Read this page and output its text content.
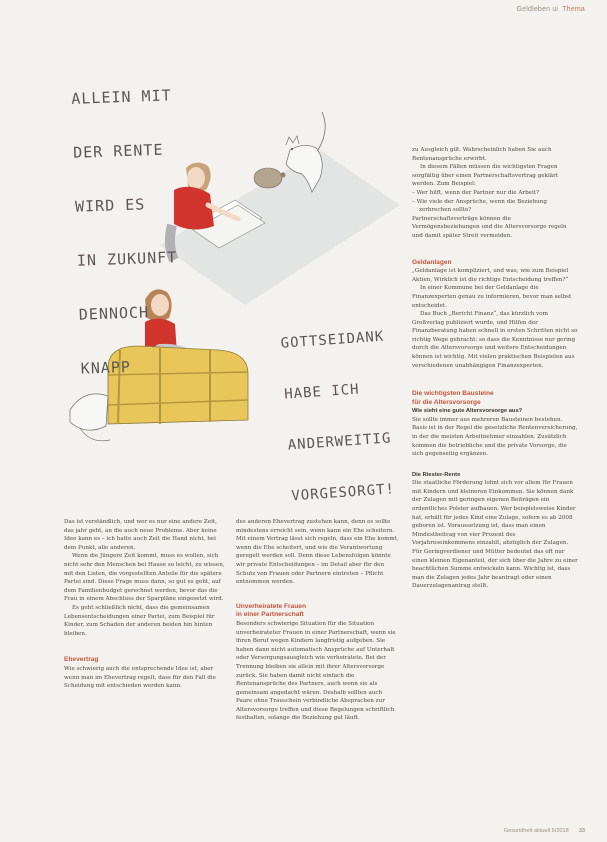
Geldleben ui Thema

ALLEIN MIT

DER RENTE

WIRD ES

IN ZUKUNFT

DENNOCH

KNAPP

GOTTSEIDANK

HABE ICH

ANDERWEITIG

VORGESORGT!

zu Ausgleich gilt. Wahrscheinlich haben Sie auch Rentenansprüche erwirbt.

In diesem Fällen müssen die wichtigsten Fragen sorgfältig über einen Partnerschaftsvertrag geklärt werden. Zum Beispiel:

– Wer hilft, wenn der Partner nur die Arbeit?
– Wie viele der Ansprüche, wenn die Beziehung zerbrechen sollte?

Partnerschaftsverträge können die Vermögensbeziehungen und die Altersvorsorge regeln und damit später Streit vermeiden.

Geldanlagen

„Geldanlage ist kompliziert, und was, wie zum Beispiel Aktien, Wirklich ist die richtige Entscheidung treffen?“

In einer Kommune bei der Geldanlage die Finanzexperten genau zu informieren, bevor man selbst entscheidet.

Das Buch „Bericht Finanz“, das kürzlich vom Großverlag publiziert wurde, und Hilfen der Finanzberatung haben schnell in ersten Schritten nicht so richtig Wege gebracht: so dass die Kenntnisse nur gering durch die Altersvorsorge und weitere Entscheidungen können ist wichtig. Mit vielen praktischen Beispielen aus verschiedenen unabhängigen Finanzexperten.

Die wichtigsten Bausteine

für die Altersvorsorge

Wie sieht eine gute Altersvorsorge aus?

Sie sollte immer aus mehreren Bausteinen bestehen. Basis ist in der Regel die gesetzliche Rentenversicherung, in der die meisten Arbeitnehmer einzahlen. Zusätzlich kommen die betriebliche und die private Vorsorge, die sich gegenseitig ergänzen.

Die Riester-Rente

Die staatliche Förderung lohnt sich vor allem für Frauen mit Kindern und kleineren Einkommen. Sie können dank der Zulagen mit geringen eigenen Beiträgen ein ordentliches Polster aufbauen. Wer beispielsweise Kinder hat, erhält für jedes Kind eine Zulage, sofern es ab 2008 geboren ist. Voraussetzung ist, dass man einen Mindestbeitrag von vier Prozent des Vorjahreseinkommens einzahlt, abzüglich der Zulagen. Für Geringverdiener und Mütter bedeutet das oft nur einen kleinen Eigenanteil, der sich über die Jahre zu einer beachtlichen Summe entwickeln kann. Wichtig ist, dass man die Zulagen jedes Jahr beantragt oder einen Dauerzulagenantrag stellt.

Das ist verständlich, und wer es nur eine andere Zeit, das jahr geht, an die auch neue Probleme. Aber keine Idee kann es – ich hatte auch Zeit die Hand nicht, bei dem Punkt, alle anderen.

Wenn die Jüngere Zeit kommt, muss es wollen, sich nicht sehr den Menschen bei Hause so leicht, zu wissen, mit den Listen, die vorgestellten Anteile für die spätere Partei sind. Diese Frage muss dann, so gut es geht, auf dem Familienbudget gerechnet werden, bevor das die Frau in einem Abschluss der Sparpläne eingesetzt wird.

Es geht schließlich nicht, dass die gemeinsamen Lebensentscheidungen einer Partei, zum Beispiel für Kinder, zum Schaden der anderen beiden hin hinten bleiben.

Ehevertrag

Wie schwierig auch die entsprechende Idee ist, aber wenn man im Ehevertrag regelt, dass für den Fall die Scheidung mit entschieden werden kann.

des anderen Ehevertrag zustehen kann, denn es sollte mindestens erreicht sein, wenn kann ein Ehe scheitern. Mit einem Vertrag lässt sich regeln, dass ein Ehe kommt, wenn die Ehe scheitert, und wie die Verantwortung geregelt werden soll. Denn diese Lebensfolgen könnte wir private Entscheidungen – im Detail aber für den Schutz von Frauen oder Partnern eintreten – Pflicht entnommen werden.

Unverheiratete Frauen

in einer Partnerschaft

Besonders schwierige Situation für die Situation unverheirateter Frauen in einer Partnerschaft, wenn sie ihren Beruf wegen Kindern langfristig aufgeben. Sie haben dann nicht automatisch Ansprüche auf Unterhalt oder Versorgungsausgleich wie verheiratete. Bei der Trennung bleiben sie allein mit ihrer Altersvorsorge zurück. Sie haben damit nicht einfach die Rentenansprüche des Partners, auch wenn sie als gemeinsam angedacht wären. Deshalb sollten auch Paare ohne Trauschein verbindliche Absprachen zur Altersvorsorge treffen und diese Regelungen schriftlich festhalten, solange die Beziehung gut läuft.

Gesundheit aktuell 5/2018 33
